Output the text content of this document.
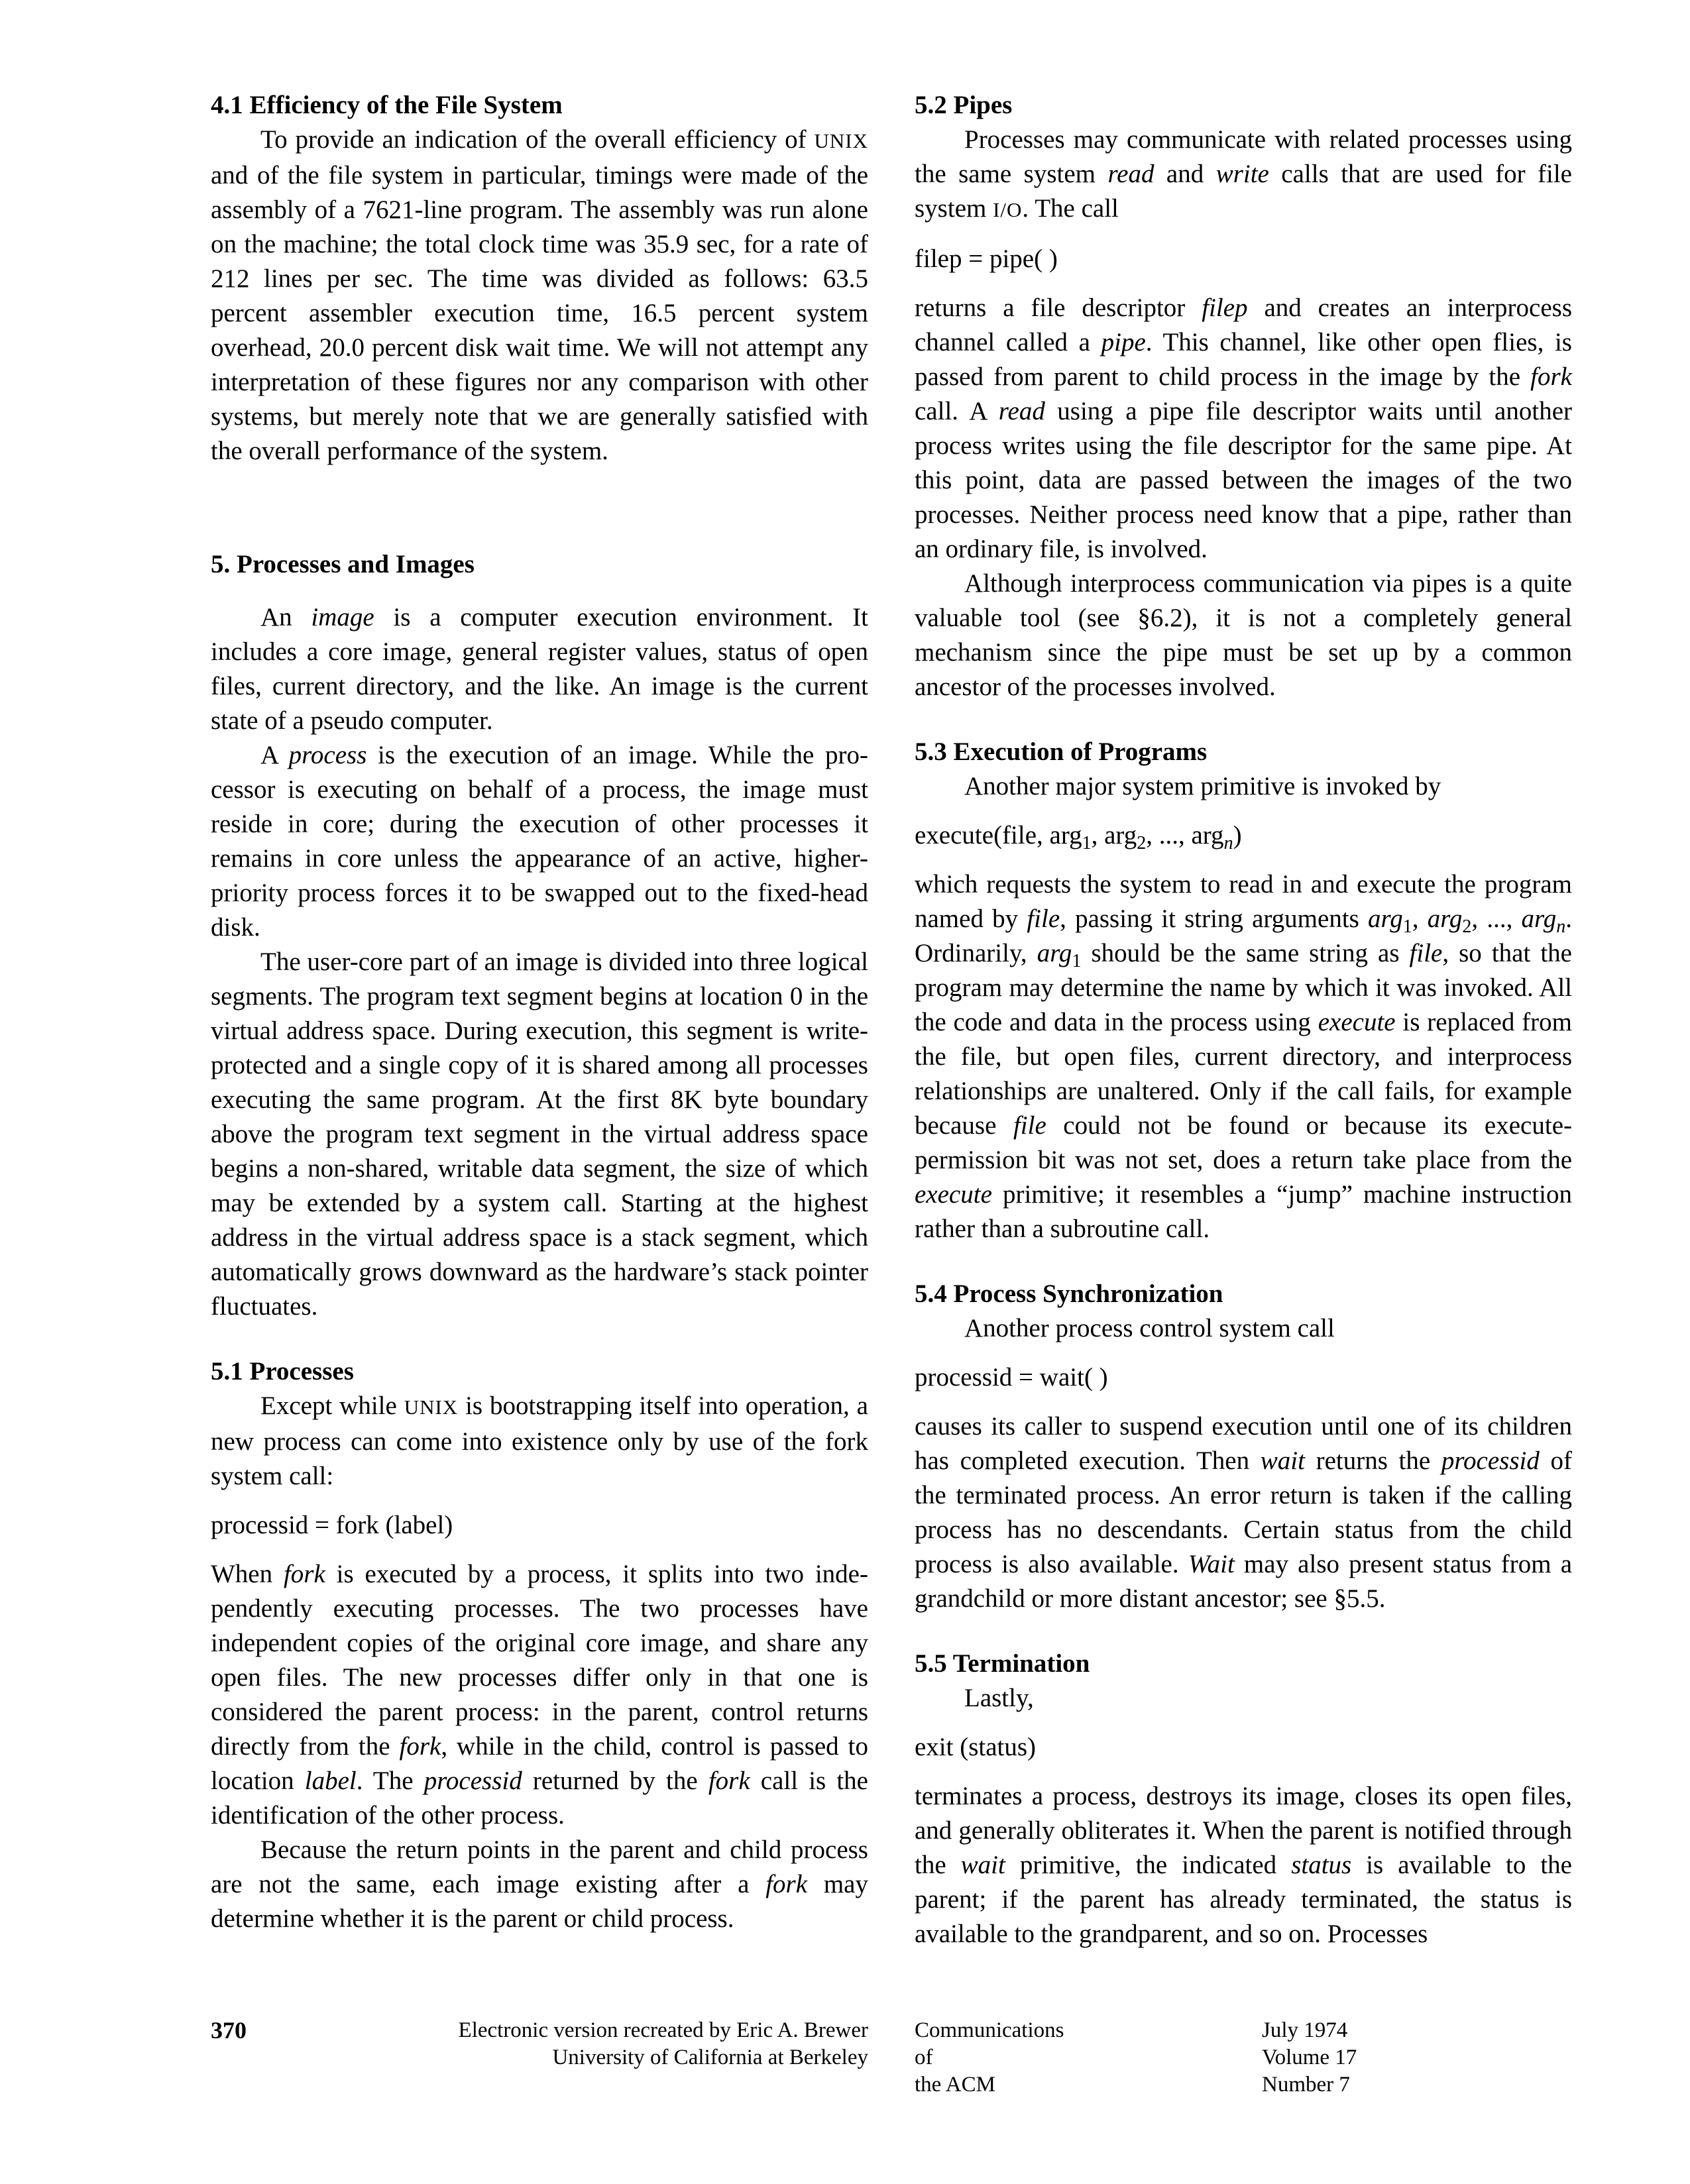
4.1 Efficiency of the File System

To provide an indication of the overall efficiency of UNIX and of the file system in particular, timings were made of the assembly of a 7621-line program. The assembly was run alone on the machine; the total clock time was 35.9 sec, for a rate of 212 lines per sec. The time was divided as follows: 63.5 percent assembler execution time, 16.5 percent system overhead, 20.0 percent disk wait time. We will not attempt any interpretation of these figures nor any comparison with other systems, but merely note that we are generally satisfied with the overall performance of the system.

5. Processes and Images

An image is a computer execution environment. It includes a core image, general register values, status of open files, current directory, and the like. An image is the current state of a pseudo computer.

A process is the execution of an image. While the processor is executing on behalf of a process, the image must reside in core; during the execution of other processes it remains in core unless the appearance of an active, higher-priority process forces it to be swapped out to the fixed-head disk.

The user-core part of an image is divided into three logical segments. The program text segment begins at location 0 in the virtual address space. During execution, this segment is write-protected and a single copy of it is shared among all processes executing the same program. At the first 8K byte boundary above the program text segment in the virtual address space begins a non-shared, writable data segment, the size of which may be extended by a system call. Starting at the highest address in the virtual address space is a stack segment, which automatically grows downward as the hardware’s stack pointer fluctuates.

5.1 Processes

Except while UNIX is bootstrapping itself into operation, a new process can come into existence only by use of the fork system call:

processid = fork (label)

When fork is executed by a process, it splits into two independently executing processes. The two processes have independent copies of the original core image, and share any open files. The new processes differ only in that one is considered the parent process: in the parent, control returns directly from the fork, while in the child, control is passed to location label. The processid returned by the fork call is the identification of the other process.

Because the return points in the parent and child process are not the same, each image existing after a fork may determine whether it is the parent or child process.

5.2 Pipes

Processes may communicate with related processes using the same system read and write calls that are used for file system I/O. The call

filep = pipe( )

returns a file descriptor filep and creates an interprocess channel called a pipe. This channel, like other open flies, is passed from parent to child process in the image by the fork call. A read using a pipe file descriptor waits until another process writes using the file descriptor for the same pipe. At this point, data are passed between the images of the two processes. Neither process need know that a pipe, rather than an ordinary file, is involved.

Although interprocess communication via pipes is a quite valuable tool (see §6.2), it is not a completely general mechanism since the pipe must be set up by a common ancestor of the processes involved.

5.3 Execution of Programs

Another major system primitive is invoked by

execute(file, arg$_1$, arg$_2$, ..., arg$_n$)

which requests the system to read in and execute the program named by file, passing it string arguments arg$_1$, arg$_2$, ..., arg$_n$. Ordinarily, arg$_1$ should be the same string as file, so that the program may determine the name by which it was invoked. All the code and data in the process using execute is replaced from the file, but open files, current directory, and interprocess relationships are unaltered. Only if the call fails, for example because file could not be found or because its execute-permission bit was not set, does a return take place from the execute primitive; it resembles a “jump” machine instruction rather than a subroutine call.

5.4 Process Synchronization

Another process control system call

processid = wait( )

causes its caller to suspend execution until one of its children has completed execution. Then wait returns the processid of the terminated process. An error return is taken if the calling process has no descendants. Certain status from the child process is also available. Wait may also present status from a grandchild or more distant ancestor; see §5.5.

5.5 Termination

Lastly,

exit (status)

terminates a process, destroys its image, closes its open files, and generally obliterates it. When the parent is notified through the wait primitive, the indicated status is available to the parent; if the parent has already terminated, the status is available to the grandparent, and so on. Processes

370	Electronic version recreated by Eric A. Brewer
University of California at Berkeley
Communications
of
the ACM
July 1974
Volume 17
Number 7
